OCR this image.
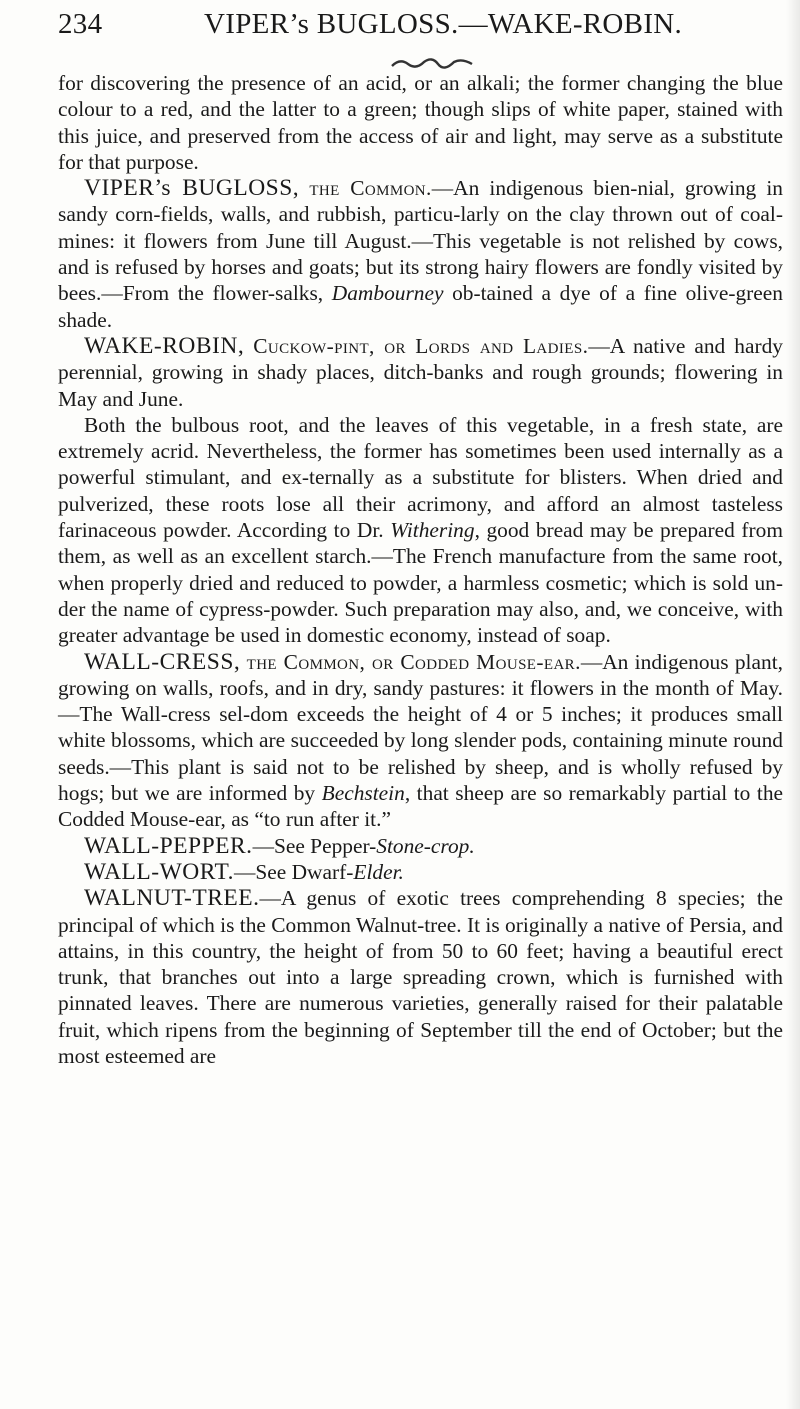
234	VIPER’s BUGLOSS.—WAKE-ROBIN.

for discovering the presence of an acid, or an alkali; the former changing the blue colour to a red, and the latter to a green; though slips of white paper, stained with this juice, and preserved from the access of air and light, may serve as a substitute for that purpose.

VIPER’s BUGLOSS, the Common.—An indigenous bien-nial, growing in sandy corn-fields, walls, and rubbish, particu-larly on the clay thrown out of coal-mines: it flowers from June till August.—This vegetable is not relished by cows, and is refused by horses and goats; but its strong hairy flowers are fondly visited by bees.—From the flower-salks, Dambourney ob-tained a dye of a fine olive-green shade.

WAKE-ROBIN, Cuckow-pint, or Lords and Ladies.—A native and hardy perennial, growing in shady places, ditch-banks and rough grounds; flowering in May and June.

Both the bulbous root, and the leaves of this vegetable, in a fresh state, are extremely acrid. Nevertheless, the former has sometimes been used internally as a powerful stimulant, and ex-ternally as a substitute for blisters. When dried and pulverized, these roots lose all their acrimony, and afford an almost tasteless farinaceous powder. According to Dr. Withering, good bread may be prepared from them, as well as an excellent starch.—The French manufacture from the same root, when properly dried and reduced to powder, a harmless cosmetic; which is sold un-der the name of cypress-powder. Such preparation may also, and, we conceive, with greater advantage be used in domestic economy, instead of soap.

WALL-CRESS, the Common, or Codded Mouse-ear.—An indigenous plant, growing on walls, roofs, and in dry, sandy pastures: it flowers in the month of May.—The Wall-cress sel-dom exceeds the height of 4 or 5 inches; it produces small white blossoms, which are succeeded by long slender pods, containing minute round seeds.—This plant is said not to be relished by sheep, and is wholly refused by hogs; but we are informed by Bechstein, that sheep are so remarkably partial to the Codded Mouse-ear, as “to run after it.”

WALL-PEPPER.—See Pepper-Stone-crop.

WALL-WORT.—See Dwarf-Elder.

WALNUT-TREE.—A genus of exotic trees comprehending 8 species; the principal of which is the Common Walnut-tree. It is originally a native of Persia, and attains, in this country, the height of from 50 to 60 feet; having a beautiful erect trunk, that branches out into a large spreading crown, which is furnished with pinnated leaves. There are numerous varieties, generally raised for their palatable fruit, which ripens from the beginning of September till the end of October; but the most esteemed are
